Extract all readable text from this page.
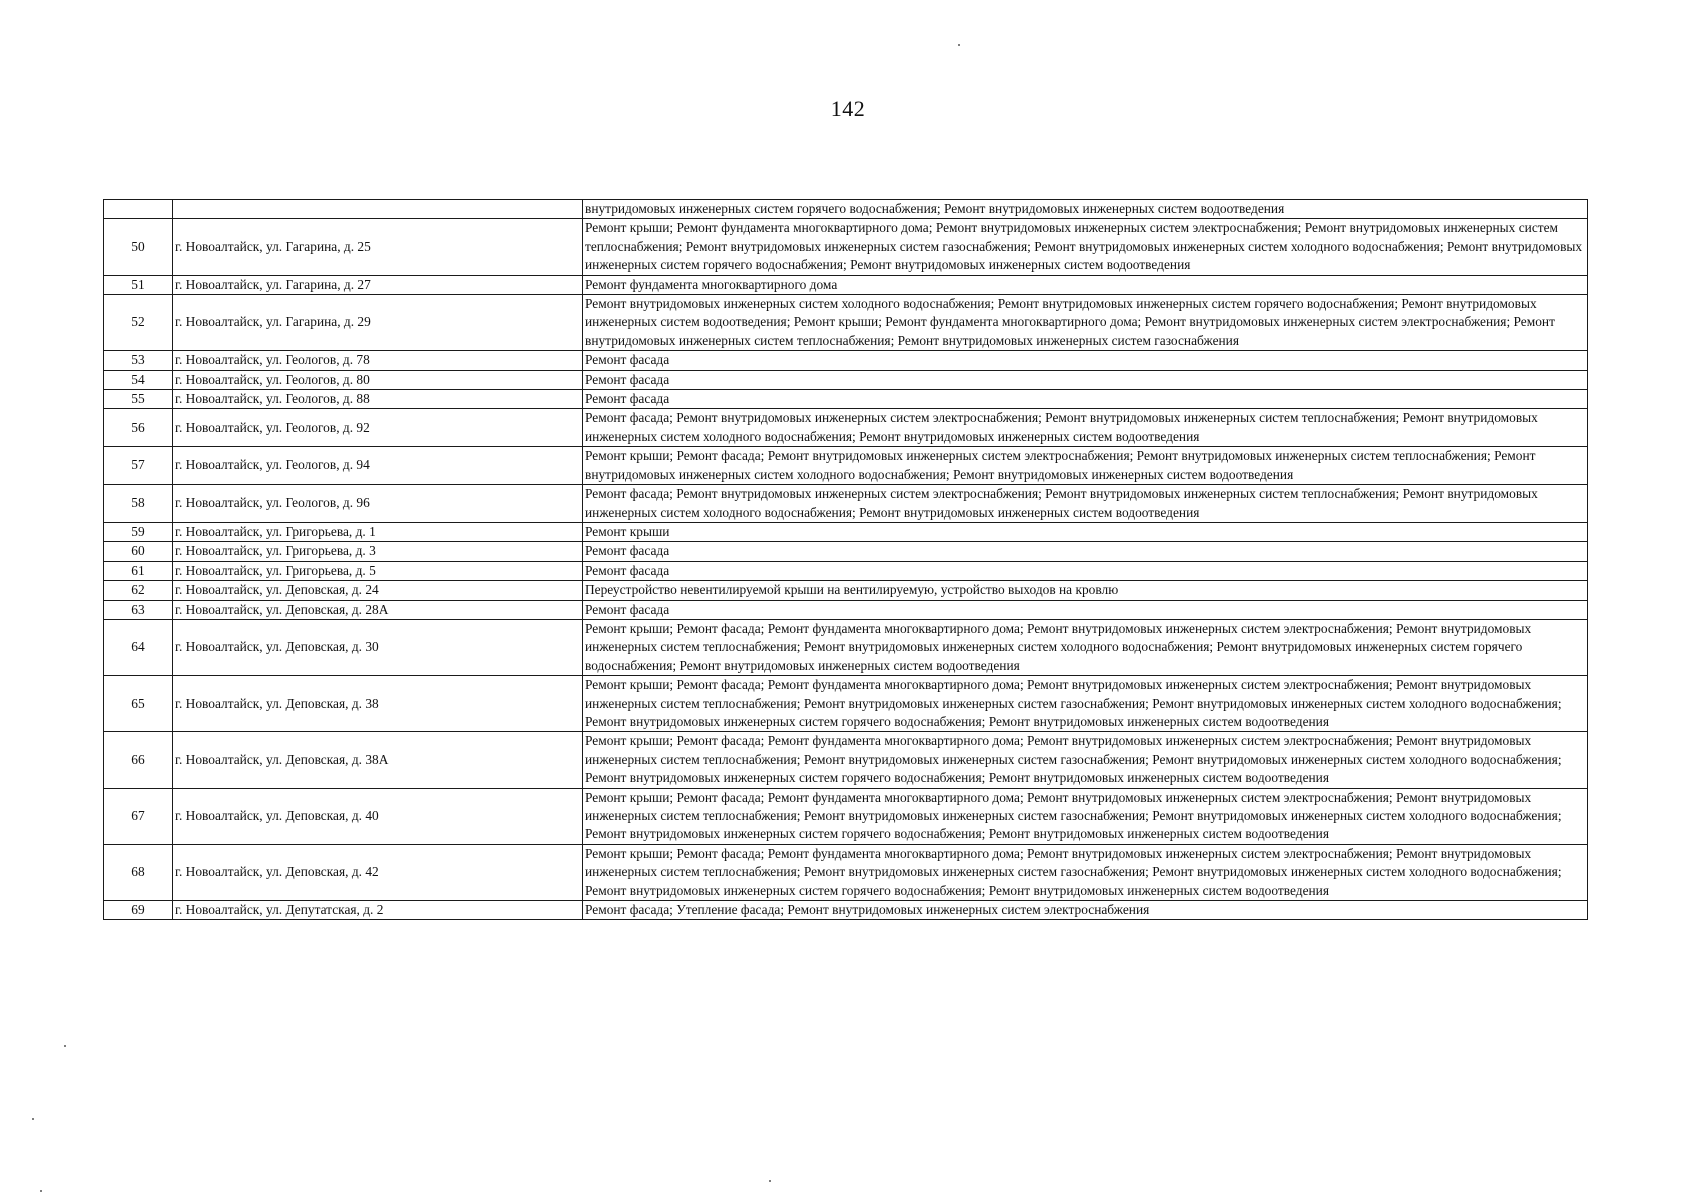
142
		внутридомовых инженерных систем горячего водоснабжения; Ремонт внутридомовых инженерных систем водоотведения
50	г. Новоалтайск, ул. Гагарина, д. 25	Ремонт крыши; Ремонт фундамента многоквартирного дома; Ремонт внутридомовых инженерных систем электроснабжения; Ремонт внутридомовых инженерных систем теплоснабжения; Ремонт внутридомовых инженерных систем газоснабжения; Ремонт внутридомовых инженерных систем холодного водоснабжения; Ремонт внутридомовых инженерных систем горячего водоснабжения; Ремонт внутридомовых инженерных систем водоотведения
51	г. Новоалтайск, ул. Гагарина, д. 27	Ремонт фундамента многоквартирного дома
52	г. Новоалтайск, ул. Гагарина, д. 29	Ремонт внутридомовых инженерных систем холодного водоснабжения; Ремонт внутридомовых инженерных систем горячего водоснабжения; Ремонт внутридомовых инженерных систем водоотведения; Ремонт крыши; Ремонт фундамента многоквартирного дома; Ремонт внутридомовых инженерных систем электроснабжения; Ремонт внутридомовых инженерных систем теплоснабжения; Ремонт внутридомовых инженерных систем газоснабжения
53	г. Новоалтайск, ул. Геологов, д. 78	Ремонт фасада
54	г. Новоалтайск, ул. Геологов, д. 80	Ремонт фасада
55	г. Новоалтайск, ул. Геологов, д. 88	Ремонт фасада
56	г. Новоалтайск, ул. Геологов, д. 92	Ремонт фасада; Ремонт внутридомовых инженерных систем электроснабжения; Ремонт внутридомовых инженерных систем теплоснабжения; Ремонт внутридомовых инженерных систем холодного водоснабжения; Ремонт внутридомовых инженерных систем водоотведения
57	г. Новоалтайск, ул. Геологов, д. 94	Ремонт крыши; Ремонт фасада; Ремонт внутридомовых инженерных систем электроснабжения; Ремонт внутридомовых инженерных систем теплоснабжения; Ремонт внутридомовых инженерных систем холодного водоснабжения; Ремонт внутридомовых инженерных систем водоотведения
58	г. Новоалтайск, ул. Геологов, д. 96	Ремонт фасада; Ремонт внутридомовых инженерных систем электроснабжения; Ремонт внутридомовых инженерных систем теплоснабжения; Ремонт внутридомовых инженерных систем холодного водоснабжения; Ремонт внутридомовых инженерных систем водоотведения
59	г. Новоалтайск, ул. Григорьева, д. 1	Ремонт крыши
60	г. Новоалтайск, ул. Григорьева, д. 3	Ремонт фасада
61	г. Новоалтайск, ул. Григорьева, д. 5	Ремонт фасада
62	г. Новоалтайск, ул. Деповская, д. 24	Переустройство невентилируемой крыши на вентилируемую, устройство выходов на кровлю
63	г. Новоалтайск, ул. Деповская, д. 28А	Ремонт фасада
64	г. Новоалтайск, ул. Деповская, д. 30	Ремонт крыши; Ремонт фасада; Ремонт фундамента многоквартирного дома; Ремонт внутридомовых инженерных систем электроснабжения; Ремонт внутридомовых инженерных систем теплоснабжения; Ремонт внутридомовых инженерных систем холодного водоснабжения; Ремонт внутридомовых инженерных систем горячего водоснабжения; Ремонт внутридомовых инженерных систем водоотведения
65	г. Новоалтайск, ул. Деповская, д. 38	Ремонт крыши; Ремонт фасада; Ремонт фундамента многоквартирного дома; Ремонт внутридомовых инженерных систем электроснабжения; Ремонт внутридомовых инженерных систем теплоснабжения; Ремонт внутридомовых инженерных систем газоснабжения; Ремонт внутридомовых инженерных систем холодного водоснабжения; Ремонт внутридомовых инженерных систем горячего водоснабжения; Ремонт внутридомовых инженерных систем водоотведения
66	г. Новоалтайск, ул. Деповская, д. 38А	Ремонт крыши; Ремонт фасада; Ремонт фундамента многоквартирного дома; Ремонт внутридомовых инженерных систем электроснабжения; Ремонт внутридомовых инженерных систем теплоснабжения; Ремонт внутридомовых инженерных систем газоснабжения; Ремонт внутридомовых инженерных систем холодного водоснабжения; Ремонт внутридомовых инженерных систем горячего водоснабжения; Ремонт внутридомовых инженерных систем водоотведения
67	г. Новоалтайск, ул. Деповская, д. 40	Ремонт крыши; Ремонт фасада; Ремонт фундамента многоквартирного дома; Ремонт внутридомовых инженерных систем электроснабжения; Ремонт внутридомовых инженерных систем теплоснабжения; Ремонт внутридомовых инженерных систем газоснабжения; Ремонт внутридомовых инженерных систем холодного водоснабжения; Ремонт внутридомовых инженерных систем горячего водоснабжения; Ремонт внутридомовых инженерных систем водоотведения
68	г. Новоалтайск, ул. Деповская, д. 42	Ремонт крыши; Ремонт фасада; Ремонт фундамента многоквартирного дома; Ремонт внутридомовых инженерных систем электроснабжения; Ремонт внутридомовых инженерных систем теплоснабжения; Ремонт внутридомовых инженерных систем газоснабжения; Ремонт внутридомовых инженерных систем холодного водоснабжения; Ремонт внутридомовых инженерных систем горячего водоснабжения; Ремонт внутридомовых инженерных систем водоотведения
69	г. Новоалтайск, ул. Депутатская, д. 2	Ремонт фасада; Утепление фасада; Ремонт внутридомовых инженерных систем электроснабжения
